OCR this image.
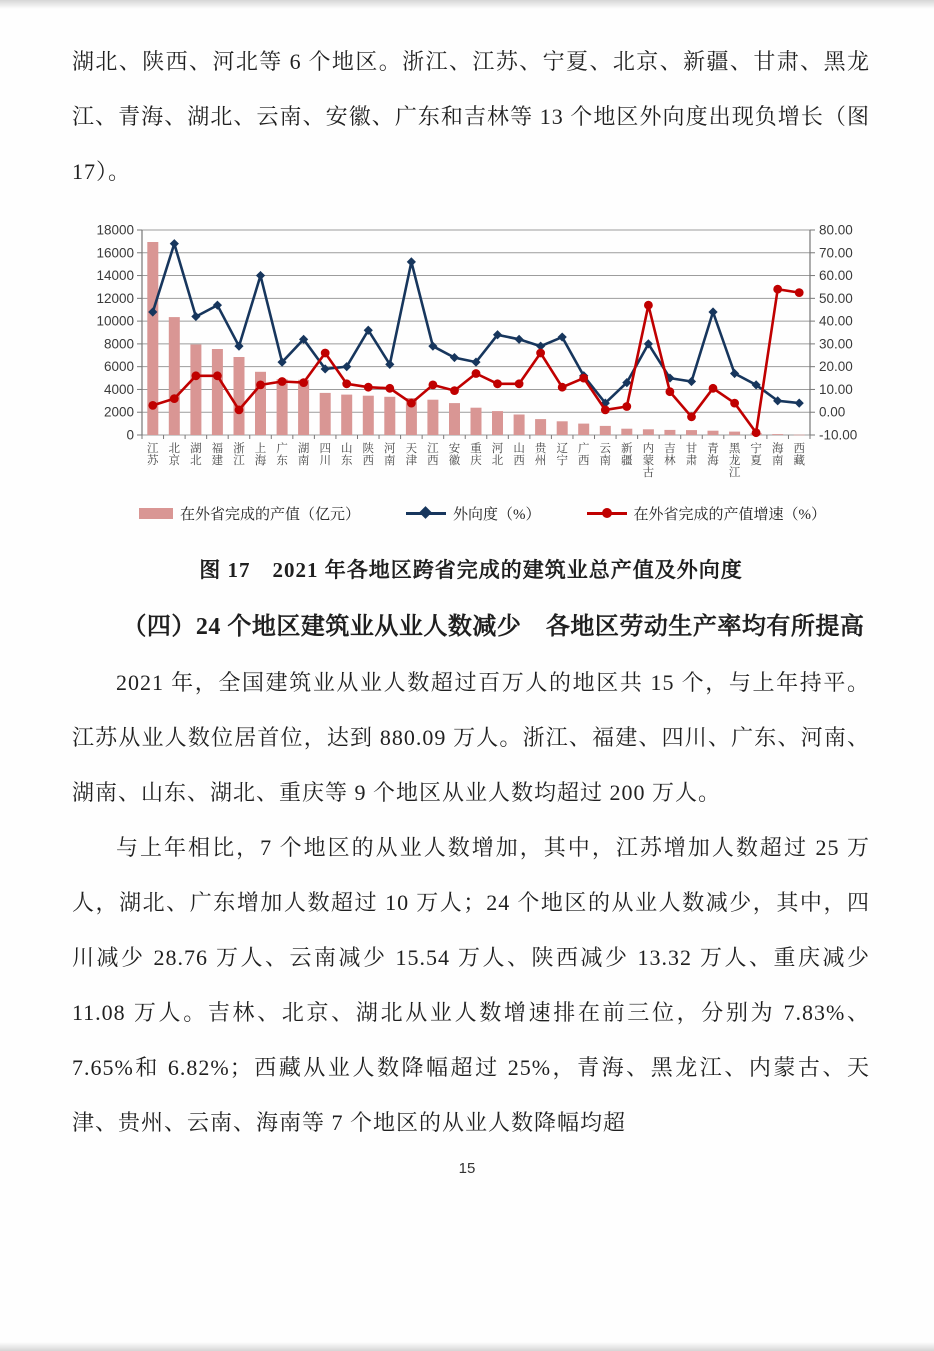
湖北、陕西、河北等 6 个地区。浙江、江苏、宁夏、北京、新疆、甘肃、黑龙江、青海、湖北、云南、安徽、广东和吉林等 13 个地区外向度出现负增长（图 17）。

0	-10.00
2000	0.00
4000	10.00
6000	20.00
8000	30.00
10000	40.00
12000	50.00
14000	60.00
16000	70.00
18000	80.00
江苏
北京
湖北
福建
浙江
上海
广东
湖南
四川
山东
陕西
河南
天津
江西
安徽
重庆
河北
山西
贵州
辽宁
广西
云南
新疆
内蒙古
吉林
甘肃
青海
黑龙江
宁夏
海南
西藏
在外省完成的产值（亿元）	外向度（%）	在外省完成的产值增速（%）

图 17　2021 年各地区跨省完成的建筑业总产值及外向度

（四）24 个地区建筑业从业人数减少　各地区劳动生产率均有所提高

2021 年，全国建筑业从业人数超过百万人的地区共 15 个，与上年持平。江苏从业人数位居首位，达到 880.09 万人。浙江、福建、四川、广东、河南、湖南、山东、湖北、重庆等 9 个地区从业人数均超过 200 万人。

与上年相比，7 个地区的从业人数增加，其中，江苏增加人数超过 25 万人，湖北、广东增加人数超过 10 万人；24 个地区的从业人数减少，其中，四川减少 28.76 万人、云南减少 15.54 万人、陕西减少 13.32 万人、重庆减少 11.08 万人。吉林、北京、湖北从业人数增速排在前三位，分别为 7.83%、7.65%和 6.82%；西藏从业人数降幅超过 25%，青海、黑龙江、内蒙古、天津、贵州、云南、海南等 7 个地区的从业人数降幅均超

15
